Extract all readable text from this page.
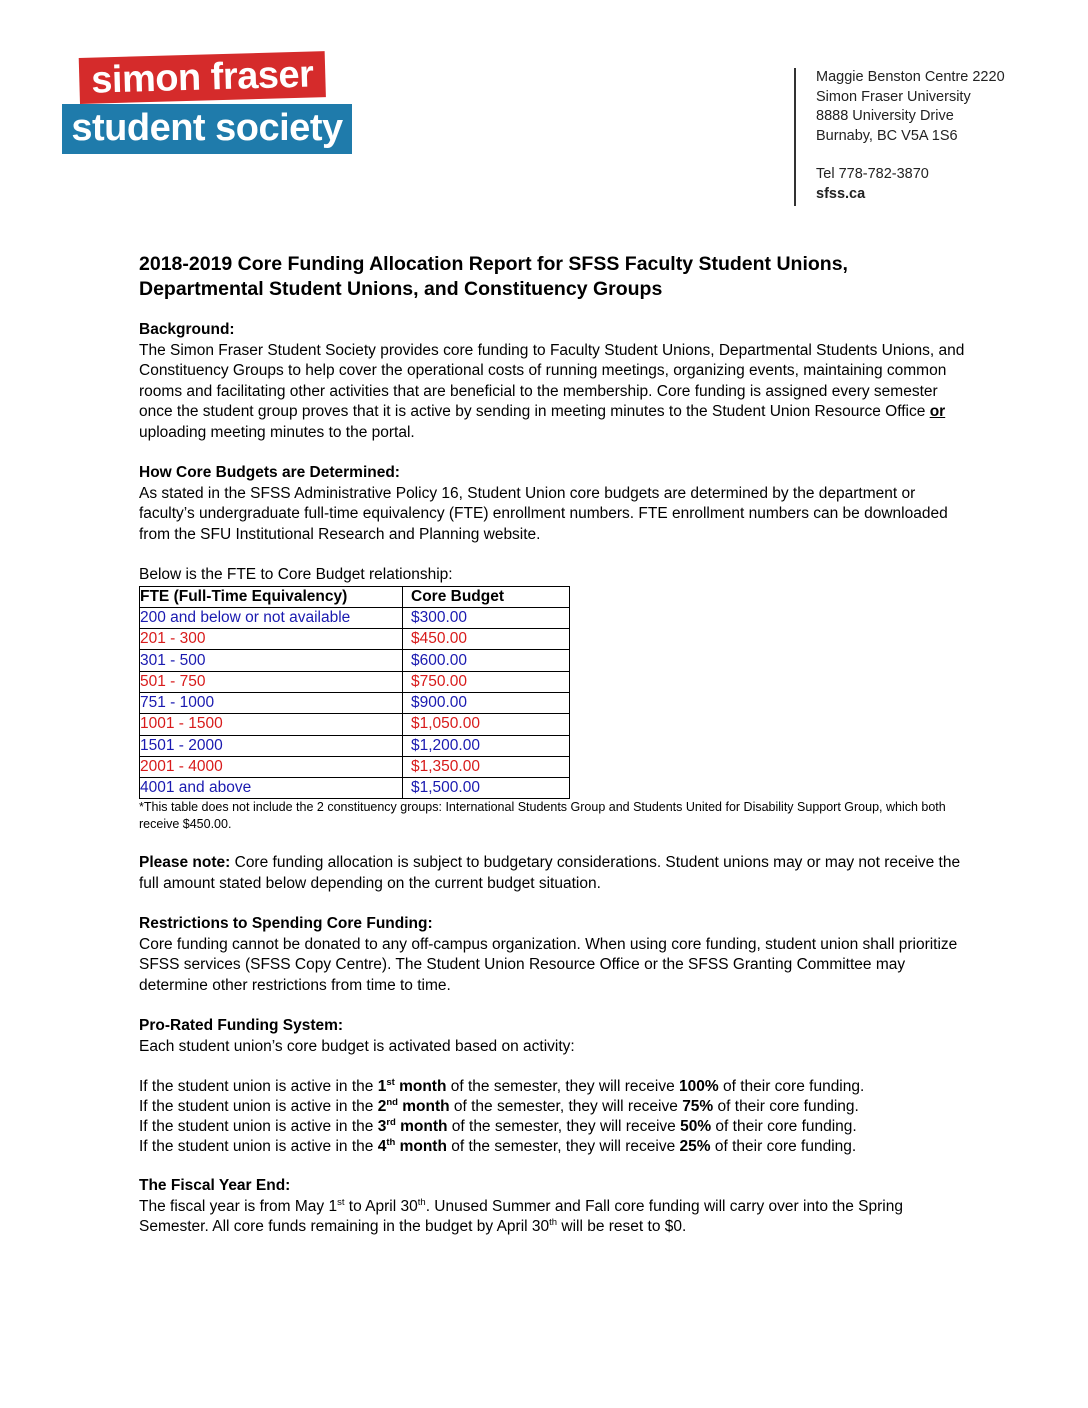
simon fraser
student society
Maggie Benston Centre 2220
Simon Fraser University
8888 University Drive
Burnaby, BC V5A 1S6
Tel 778-782-3870
sfss.ca
2018-2019 Core Funding Allocation Report for SFSS Faculty Student Unions, Departmental Student Unions, and Constituency Groups
Background:

The Simon Fraser Student Society provides core funding to Faculty Student Unions, Departmental Students Unions, and Constituency Groups to help cover the operational costs of running meetings, organizing events, maintaining common rooms and facilitating other activities that are beneficial to the membership. Core funding is assigned every semester once the student group proves that it is active by sending in meeting minutes to the Student Union Resource Office or uploading meeting minutes to the portal.

How Core Budgets are Determined:

As stated in the SFSS Administrative Policy 16, Student Union core budgets are determined by the department or faculty’s undergraduate full-time equivalency (FTE) enrollment numbers. FTE enrollment numbers can be downloaded from the SFU Institutional Research and Planning website.

Below is the FTE to Core Budget relationship:

FTE (Full-Time Equivalency)	Core Budget
200 and below or not available	$300.00
201 - 300	$450.00
301 - 500	$600.00
501 - 750	$750.00
751 - 1000	$900.00
1001 - 1500	$1,050.00
1501 - 2000	$1,200.00
2001 - 4000	$1,350.00
4001 and above	$1,500.00
*This table does not include the 2 constituency groups: International Students Group and Students United for Disability Support Group, which both receive $450.00.

Please note: Core funding allocation is subject to budgetary considerations. Student unions may or may not receive the full amount stated below depending on the current budget situation.

Restrictions to Spending Core Funding:

Core funding cannot be donated to any off-campus organization. When using core funding, student union shall prioritize SFSS services (SFSS Copy Centre). The Student Union Resource Office or the SFSS Granting Committee may determine other restrictions from time to time.

Pro-Rated Funding System:

Each student union’s core budget is activated based on activity:

If the student union is active in the 1st month of the semester, they will receive 100% of their core funding.

If the student union is active in the 2nd month of the semester, they will receive 75% of their core funding.

If the student union is active in the 3rd month of the semester, they will receive 50% of their core funding.

If the student union is active in the 4th month of the semester, they will receive 25% of their core funding.

The Fiscal Year End:

The fiscal year is from May 1st to April 30th. Unused Summer and Fall core funding will carry over into the Spring Semester. All core funds remaining in the budget by April 30th will be reset to $0.
